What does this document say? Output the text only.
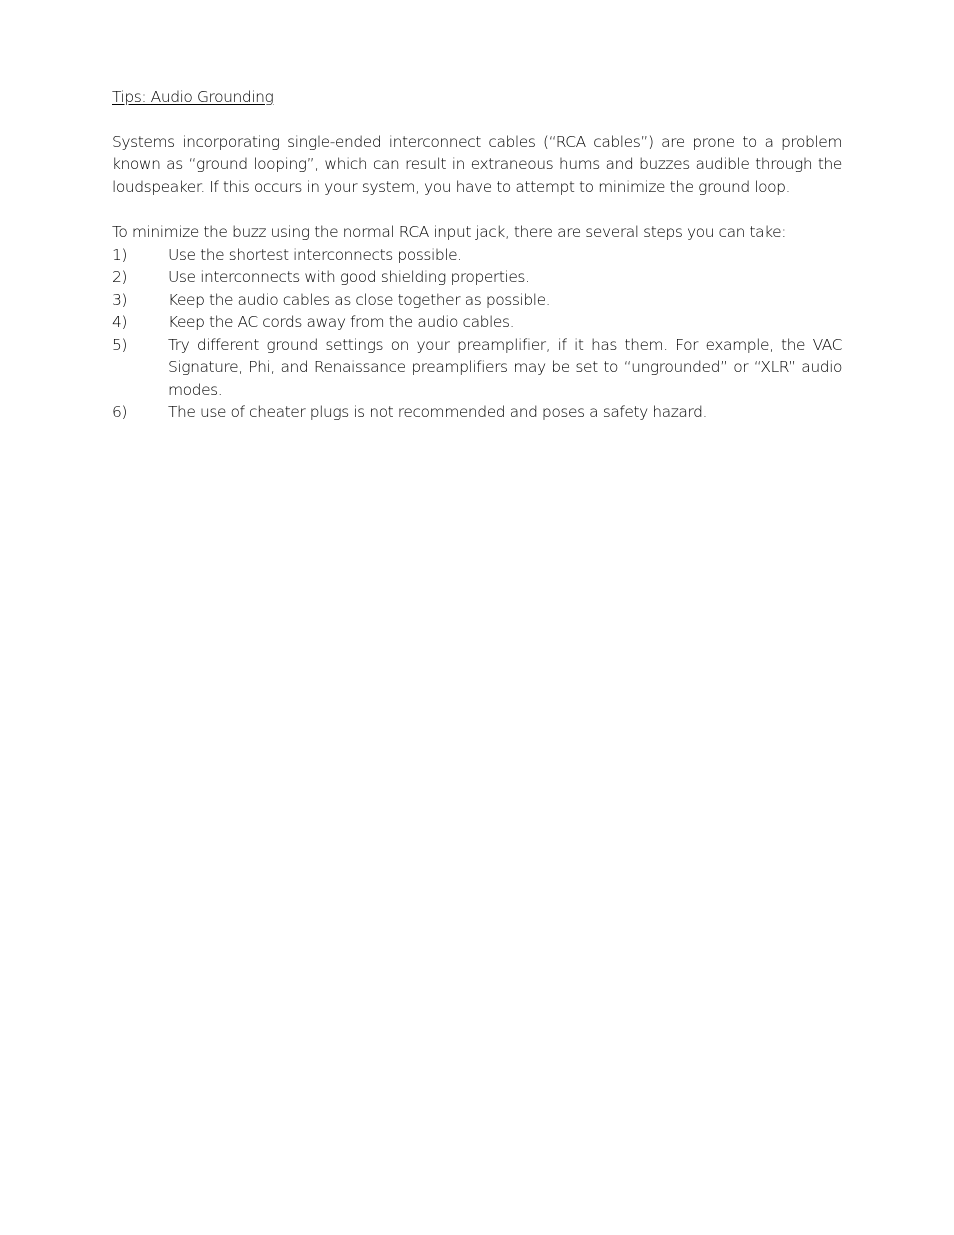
Tips: Audio Grounding

Systems incorporating single-ended interconnect cables (“RCA cables”) are prone to a problem known as “ground looping”, which can result in extraneous hums and buzzes audible through the loudspeaker. If this occurs in your system, you have to attempt to minimize the ground loop.

To minimize the buzz using the normal RCA input jack, there are several steps you can take:

1)	Use the shortest interconnects possible.
2)	Use interconnects with good shielding properties.
3)	Keep the audio cables as close together as possible.
4)	Keep the AC cords away from the audio cables.
5)	Try different ground settings on your preamplifier, if it has them. For example, the VAC Signature, Phi, and Renaissance preamplifiers may be set to “ungrounded” or “XLR” audio modes.
6)	The use of cheater plugs is not recommended and poses a safety hazard.
